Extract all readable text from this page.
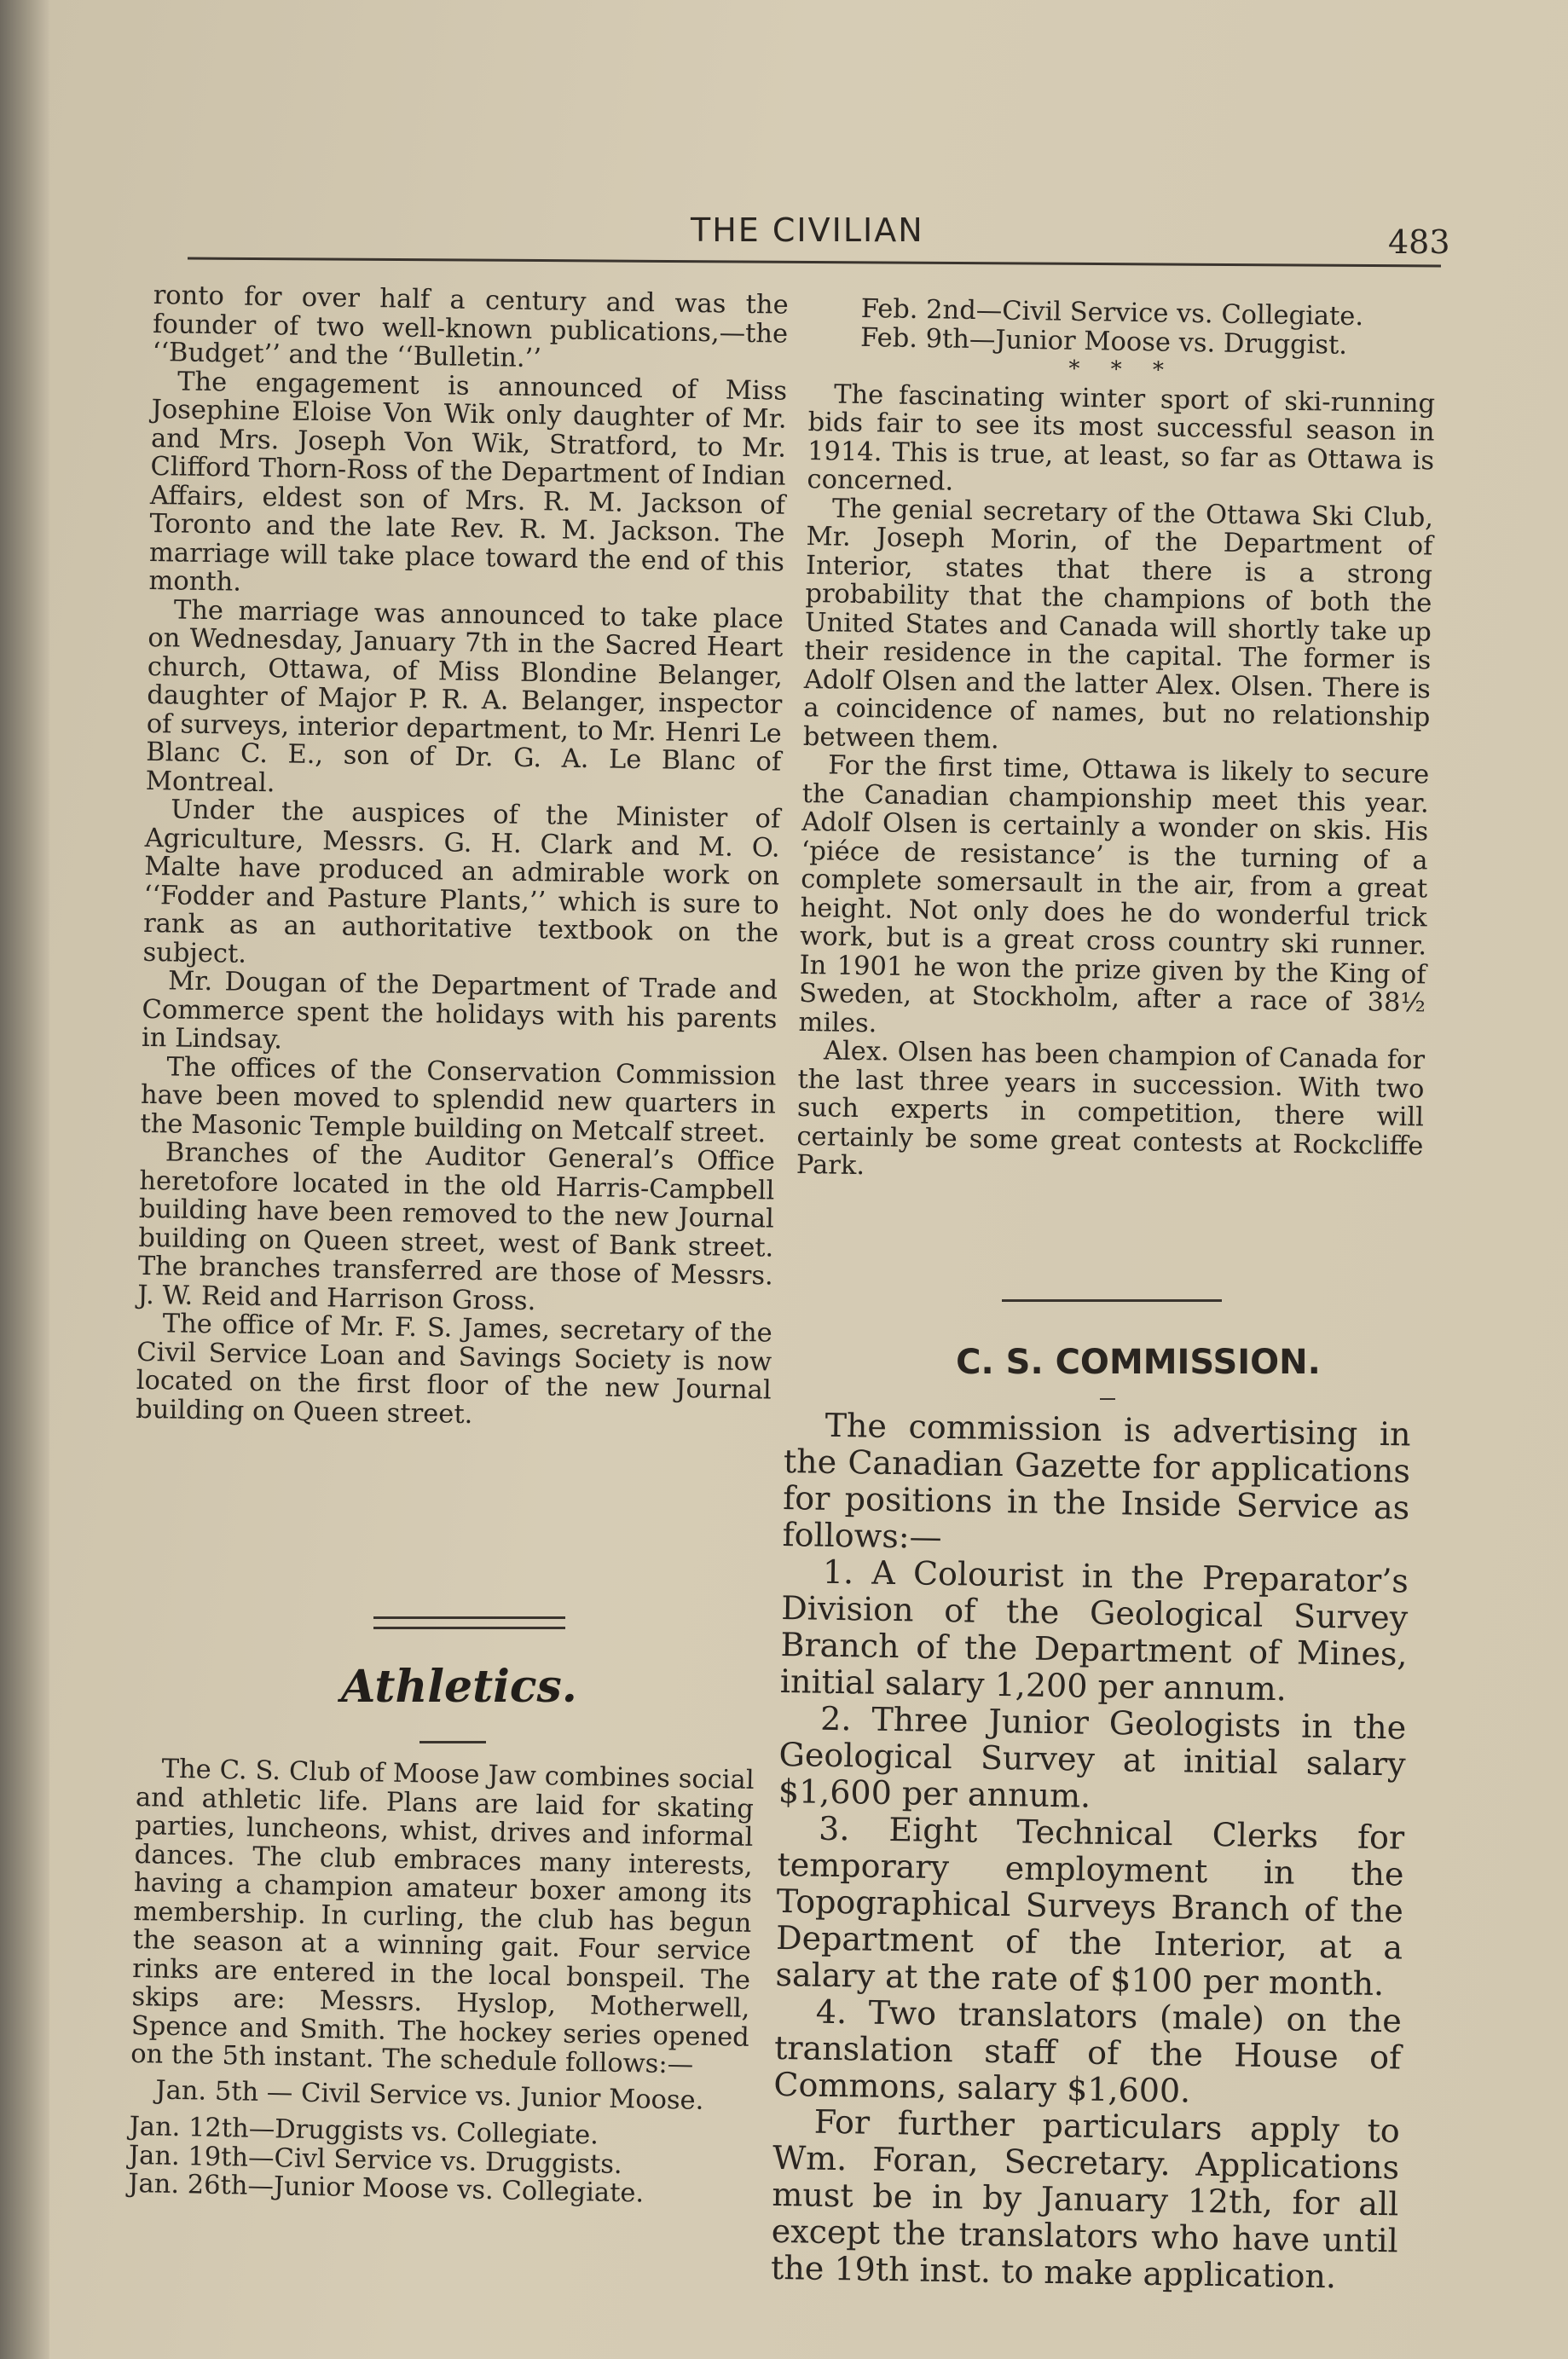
THE CIVILIAN	483

ronto for over half a century and was the founder of two well-known publications,—the ‘‘Budget’’ and the ‘‘Bulletin.’’

The engagement is announced of Miss Josephine Eloise Von Wik only daughter of Mr. and Mrs. Joseph Von Wik, Stratford, to Mr. Clifford Thorn-Ross of the Department of Indian Affairs, eldest son of Mrs. R. M. Jackson of Toronto and the late Rev. R. M. Jackson. The marriage will take place toward the end of this month.

The marriage was announced to take place on Wednesday, January 7th in the Sacred Heart church, Ottawa, of Miss Blondine Belanger, daughter of Major P. R. A. Belanger, inspector of surveys, interior department, to Mr. Henri Le Blanc C. E., son of Dr. G. A. Le Blanc of Montreal.

Under the auspices of the Minister of Agriculture, Messrs. G. H. Clark and M. O. Malte have produced an admirable work on ‘‘Fodder and Pasture Plants,’’ which is sure to rank as an authoritative textbook on the subject.

Mr. Dougan of the Department of Trade and Commerce spent the holidays with his parents in Lindsay.

The offices of the Conservation Commission have been moved to splendid new quarters in the Masonic Temple building on Metcalf street.

Branches of the Auditor General’s Office heretofore located in the old Harris-Campbell building have been removed to the new Journal building on Queen street, west of Bank street. The branches transferred are those of Messrs. J. W. Reid and Harrison Gross.

The office of Mr. F. S. James, secretary of the Civil Service Loan and Savings Society is now located on the first floor of the new Journal building on Queen street.

Athletics.

The C. S. Club of Moose Jaw combines social and athletic life. Plans are laid for skating parties, luncheons, whist, drives and informal dances. The club embraces many interests, having a champion amateur boxer among its membership. In curling, the club has begun the season at a winning gait. Four service rinks are entered in the local bonspeil. The skips are: Messrs. Hyslop, Motherwell, Spence and Smith. The hockey series opened on the 5th instant. The schedule follows:—

Jan. 5th — Civil Service vs. Junior Moose.

Jan. 12th—Druggists vs. Collegiate.

Jan. 19th—Civl Service vs. Druggists.

Jan. 26th—Junior Moose vs. Collegiate.

Feb. 2nd—Civil Service vs. Collegiate.

Feb. 9th—Junior Moose vs. Druggist.

* * *

The fascinating winter sport of ski-running bids fair to see its most successful season in 1914. This is true, at least, so far as Ottawa is concerned.

The genial secretary of the Ottawa Ski Club, Mr. Joseph Morin, of the Department of Interior, states that there is a strong probability that the champions of both the United States and Canada will shortly take up their residence in the capital. The former is Adolf Olsen and the latter Alex. Olsen. There is a coincidence of names, but no relationship between them.

For the first time, Ottawa is likely to secure the Canadian championship meet this year. Adolf Olsen is certainly a wonder on skis. His ‘piéce de resistance’ is the turning of a complete somersault in the air, from a great height. Not only does he do wonderful trick work, but is a great cross country ski runner. In 1901 he won the prize given by the King of Sweden, at Stockholm, after a race of 38½ miles.

Alex. Olsen has been champion of Canada for the last three years in succession. With two such experts in competition, there will certainly be some great contests at Rockcliffe Park.

C. S. COMMISSION.

The commission is advertising in the Canadian Gazette for applications for positions in the Inside Service as follows:—

1. A Colourist in the Preparator’s Division of the Geological Survey Branch of the Department of Mines, initial salary 1,200 per annum.

2. Three Junior Geologists in the Geological Survey at initial salary $1,600 per annum.

3. Eight Technical Clerks for temporary employment in the Topographical Surveys Branch of the Department of the Interior, at a salary at the rate of $100 per month.

4. Two translators (male) on the translation staff of the House of Commons, salary $1,600.

For further particulars apply to Wm. Foran, Secretary. Applications must be in by January 12th, for all except the translators who have until the 19th inst. to make application.
